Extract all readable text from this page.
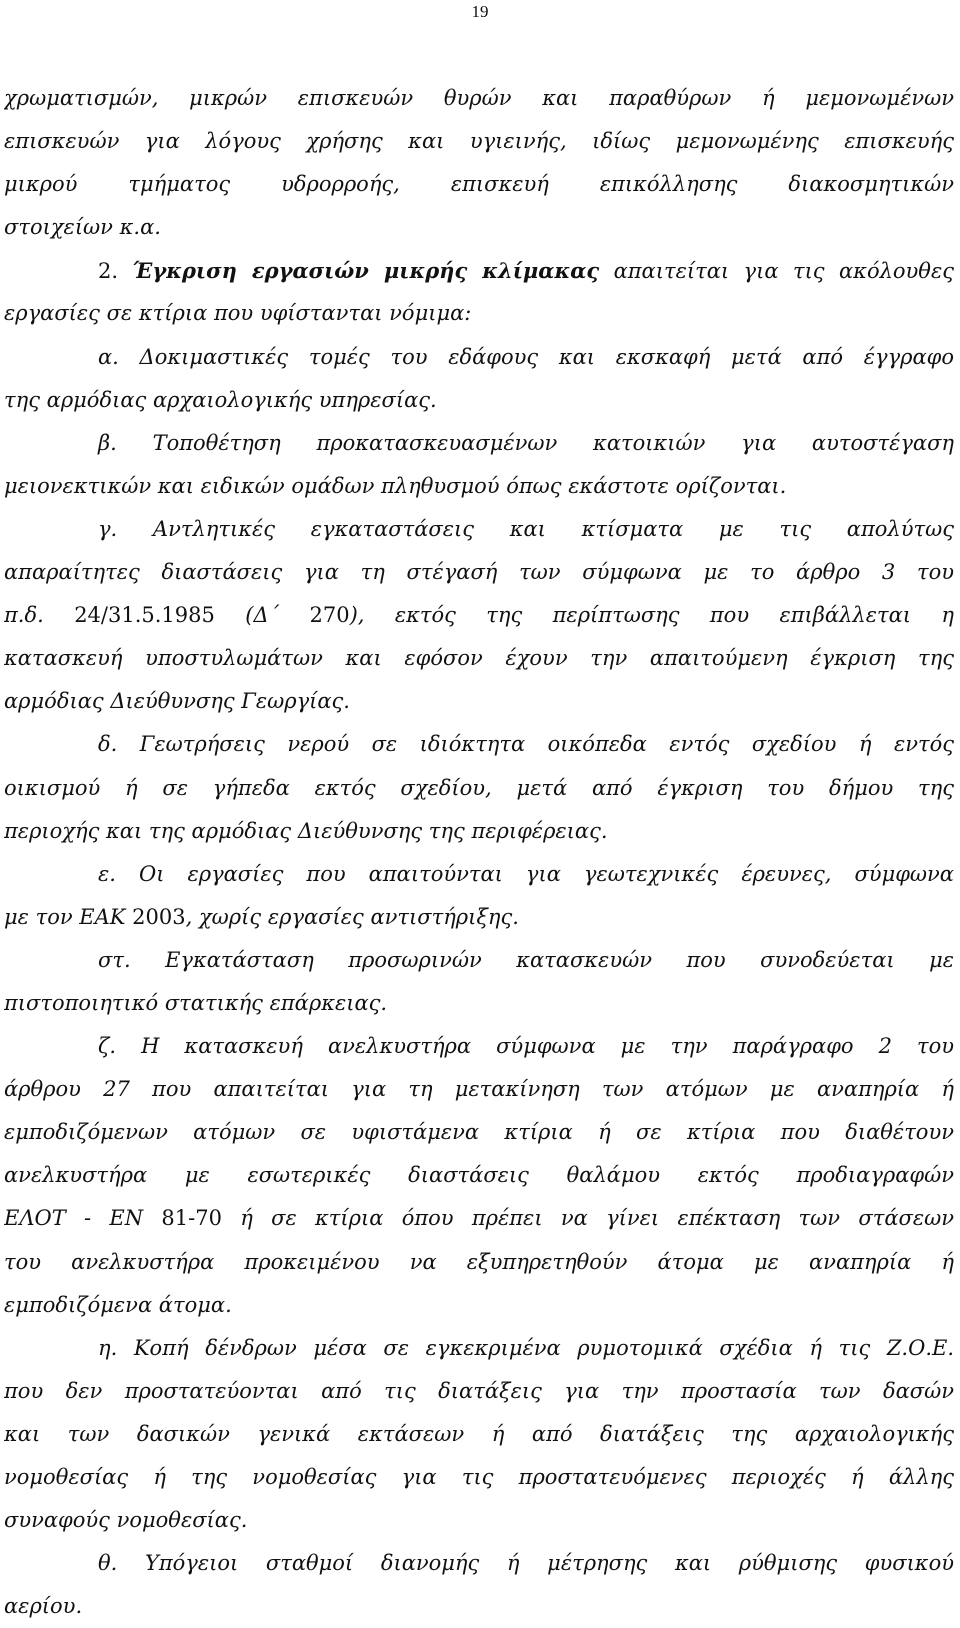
19
χρωματισμών, μικρών επισκευών θυρών και παραθύρων ή μεμονωμένων
επισκευών για λόγους χρήσης και υγιεινής, ιδίως μεμονωμένης επισκευής
μικρού τμήματος υδρορροής, επισκευή επικόλλησης διακοσμητικών
στοιχείων κ.α.
2. Έγκριση εργασιών μικρής κλίμακας απαιτείται για τις ακόλουθες
εργασίες σε κτίρια που υφίστανται νόμιμα:
α. Δοκιμαστικές τομές του εδάφους και εκσκαφή μετά από έγγραφο
της αρμόδιας αρχαιολογικής υπηρεσίας.
β. Τοποθέτηση προκατασκευασμένων κατοικιών για αυτοστέγαση
μειονεκτικών και ειδικών ομάδων πληθυσμού όπως εκάστοτε ορίζονται.
γ. Αντλητικές εγκαταστάσεις και κτίσματα με τις απολύτως
απαραίτητες διαστάσεις για τη στέγασή των σύμφωνα με το άρθρο 3 του
π.δ. 24/31.5.1985 (Δ΄ 270), εκτός της περίπτωσης που επιβάλλεται η
κατασκευή υποστυλωμάτων και εφόσον έχουν την απαιτούμενη έγκριση της
αρμόδιας Διεύθυνσης Γεωργίας.
δ. Γεωτρήσεις νερού σε ιδιόκτητα οικόπεδα εντός σχεδίου ή εντός
οικισμού ή σε γήπεδα εκτός σχεδίου, μετά από έγκριση του δήμου της
περιοχής και της αρμόδιας Διεύθυνσης της περιφέρειας.
ε. Οι εργασίες που απαιτούνται για γεωτεχνικές έρευνες, σύμφωνα
με τον ΕΑΚ 2003, χωρίς εργασίες αντιστήριξης.
στ. Εγκατάσταση προσωρινών κατασκευών που συνοδεύεται με
πιστοποιητικό στατικής επάρκειας.
ζ. Η κατασκευή ανελκυστήρα σύμφωνα με την παράγραφο 2 του
άρθρου 27 που απαιτείται για τη μετακίνηση των ατόμων με αναπηρία ή
εμποδιζόμενων ατόμων σε υφιστάμενα κτίρια ή σε κτίρια που διαθέτουν
ανελκυστήρα με εσωτερικές διαστάσεις θαλάμου εκτός προδιαγραφών
ΕΛΟΤ - ΕΝ 81-70 ή σε κτίρια όπου πρέπει να γίνει επέκταση των στάσεων
του ανελκυστήρα προκειμένου να εξυπηρετηθούν άτομα με αναπηρία ή
εμποδιζόμενα άτομα.
η. Κοπή δένδρων μέσα σε εγκεκριμένα ρυμοτομικά σχέδια ή τις Ζ.Ο.Ε.
που δεν προστατεύονται από τις διατάξεις για την προστασία των δασών
και των δασικών γενικά εκτάσεων ή από διατάξεις της αρχαιολογικής
νομοθεσίας ή της νομοθεσίας για τις προστατευόμενες περιοχές ή άλλης
συναφούς νομοθεσίας.
θ. Υπόγειοι σταθμοί διανομής ή μέτρησης και ρύθμισης φυσικού
αερίου.
